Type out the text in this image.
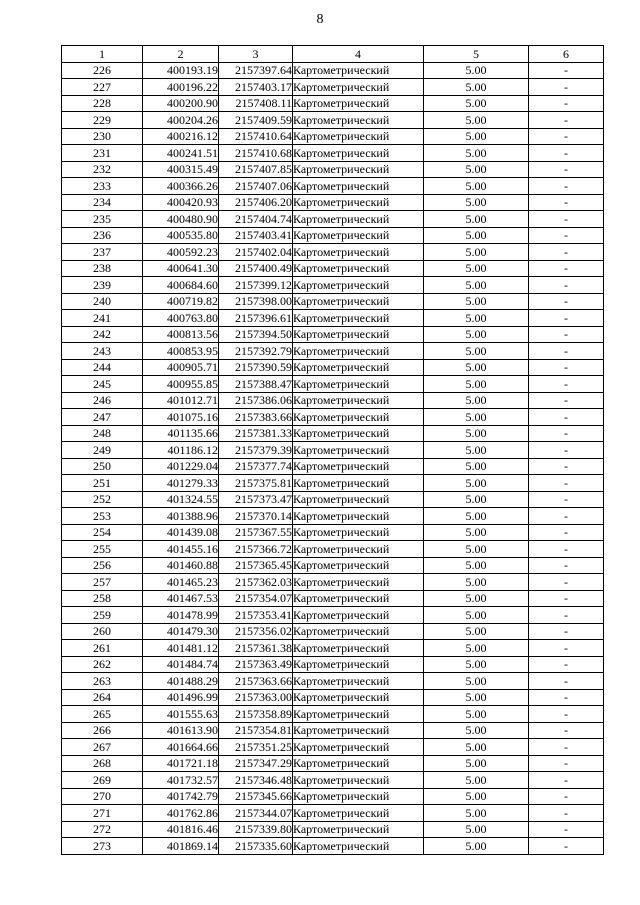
8
1	2	3	4	5	6
226	400193.19	2157397.64	Картометрический	5.00	-
227	400196.22	2157403.17	Картометрический	5.00	-
228	400200.90	2157408.11	Картометрический	5.00	-
229	400204.26	2157409.59	Картометрический	5.00	-
230	400216.12	2157410.64	Картометрический	5.00	-
231	400241.51	2157410.68	Картометрический	5.00	-
232	400315.49	2157407.85	Картометрический	5.00	-
233	400366.26	2157407.06	Картометрический	5.00	-
234	400420.93	2157406.20	Картометрический	5.00	-
235	400480.90	2157404.74	Картометрический	5.00	-
236	400535.80	2157403.41	Картометрический	5.00	-
237	400592.23	2157402.04	Картометрический	5.00	-
238	400641.30	2157400.49	Картометрический	5.00	-
239	400684.60	2157399.12	Картометрический	5.00	-
240	400719.82	2157398.00	Картометрический	5.00	-
241	400763.80	2157396.61	Картометрический	5.00	-
242	400813.56	2157394.50	Картометрический	5.00	-
243	400853.95	2157392.79	Картометрический	5.00	-
244	400905.71	2157390.59	Картометрический	5.00	-
245	400955.85	2157388.47	Картометрический	5.00	-
246	401012.71	2157386.06	Картометрический	5.00	-
247	401075.16	2157383.66	Картометрический	5.00	-
248	401135.66	2157381.33	Картометрический	5.00	-
249	401186.12	2157379.39	Картометрический	5.00	-
250	401229.04	2157377.74	Картометрический	5.00	-
251	401279.33	2157375.81	Картометрический	5.00	-
252	401324.55	2157373.47	Картометрический	5.00	-
253	401388.96	2157370.14	Картометрический	5.00	-
254	401439.08	2157367.55	Картометрический	5.00	-
255	401455.16	2157366.72	Картометрический	5.00	-
256	401460.88	2157365.45	Картометрический	5.00	-
257	401465.23	2157362.03	Картометрический	5.00	-
258	401467.53	2157354.07	Картометрический	5.00	-
259	401478.99	2157353.41	Картометрический	5.00	-
260	401479.30	2157356.02	Картометрический	5.00	-
261	401481.12	2157361.38	Картометрический	5.00	-
262	401484.74	2157363.49	Картометрический	5.00	-
263	401488.29	2157363.66	Картометрический	5.00	-
264	401496.99	2157363.00	Картометрический	5.00	-
265	401555.63	2157358.89	Картометрический	5.00	-
266	401613.90	2157354.81	Картометрический	5.00	-
267	401664.66	2157351.25	Картометрический	5.00	-
268	401721.18	2157347.29	Картометрический	5.00	-
269	401732.57	2157346.48	Картометрический	5.00	-
270	401742.79	2157345.66	Картометрический	5.00	-
271	401762.86	2157344.07	Картометрический	5.00	-
272	401816.46	2157339.80	Картометрический	5.00	-
273	401869.14	2157335.60	Картометрический	5.00	-
